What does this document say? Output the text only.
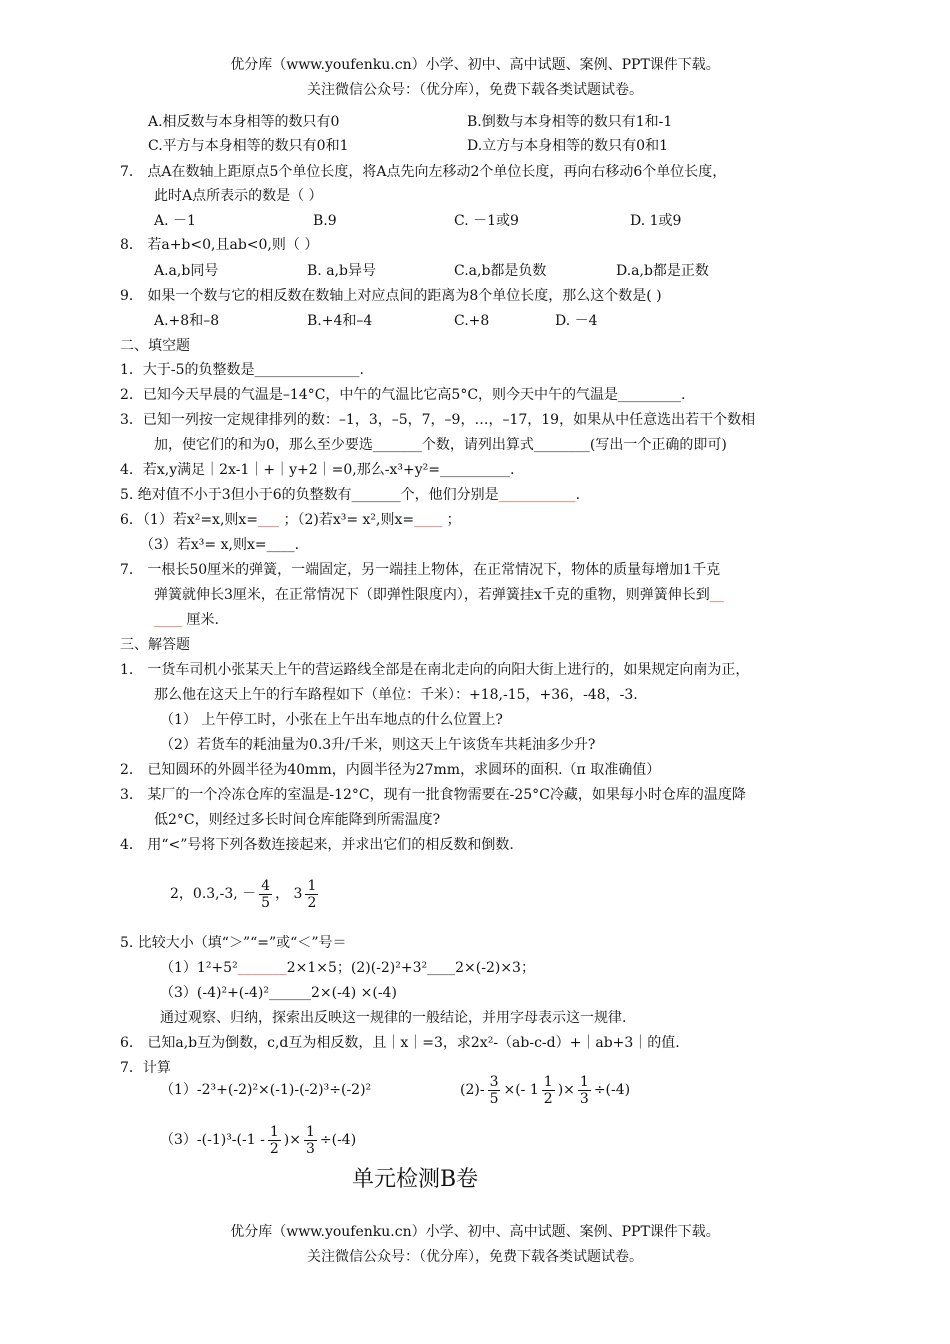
优分库（www.youfenku.cn）小学、初中、高中试题、案例、PPT课件下载。
关注微信公众号：（优分库），免费下载各类试题试卷。
A.相反数与本身相等的数只有0	B.倒数与本身相等的数只有1和-1
C.平方与本身相等的数只有0和1	D.立方与本身相等的数只有0和1
7． 点A在数轴上距原点5个单位长度，将A点先向左移动2个单位长度，再向右移动6个单位长度，
此时A点所表示的数是（ ）
A. －1	B.9	C. －1或9	D. 1或9
8． 若a+b<0,且ab<0,则（ ）
A.a,b同号	B. a,b异号	C.a,b都是负数	D.a,b都是正数
9． 如果一个数与它的相反数在数轴上对应点间的距离为8个单位长度，那么这个数是( )
A.+8和–8	B.+4和–4	C.+8	D. －4
二、填空题
1．大于-5的负整数是_______________.
2．已知今天早晨的气温是–14°C，中午的气温比它高5°C，则今天中午的气温是_________.
3．已知一列按一定规律排列的数：–1，3，–5，7，–9，…，–17，19，如果从中任意选出若干个数相
加，使它们的和为0，那么至少要选_______个数，请列出算式________(写出一个正确的即可)
4．若x,y满足｜2x-1｜+｜y+2｜=0,那么-x³+y²=__________.
5. 绝对值不小于3但小于6的负整数有_______个，他们分别是___________.
6．（1）若x²=x,则x=___ ；（2)若x³= x²,则x=____ ；
（3）若x³= x,则x=____.
7． 一根长50厘米的弹簧，一端固定，另一端挂上物体，在正常情况下，物体的质量每增加1千克
弹簧就伸长3厘米，在正常情况下（即弹性限度内），若弹簧挂x千克的重物，则弹簧伸长到__
____ 厘米.
三、解答题
1． 一货车司机小张某天上午的营运路线全部是在南北走向的向阳大街上进行的，如果规定向南为正，
那么他在这天上午的行车路程如下（单位：千米）：+18,-15，+36，-48，-3.
（1） 上午停工时，小张在上午出车地点的什么位置上?
（2）若货车的耗油量为0.3升/千米，则这天上午该货车共耗油多少升?
2． 已知圆环的外圆半径为40mm，内圆半径为27mm，求圆环的面积.（π 取准确值）
3． 某厂的一个冷冻仓库的室温是-12°C，现有一批食物需要在-25°C冷藏，如果每小时仓库的温度降
低2°C，则经过多长时间仓库能降到所需温度?
4． 用“<”号将下列各数连接起来，并求出它们的相反数和倒数.
2，0.3,-3, － $\frac{4}{5}$ ， $3 \frac{1}{2}$
5. 比较大小（填“＞”“=”或“＜”号＝
（1）1²+5²_______2×1×5；(2)(-2)²+3²____2×(-2)×3；
（3）(-4)²+(-4)²______2×(-4) ×(-4)
通过观察、归纳，探索出反映这一规律的一般结论，并用字母表示这一规律.
6． 已知a,b互为倒数，c,d互为相反数，且｜x｜=3，求2x²-（ab-c-d）+｜ab+3｜的值.
7．计算
（1）-2³+(-2)²×(-1)-(-2)³÷(-2)²	$(2)- \frac{3}{5}$ ×(- $1 \frac{1}{2}$ )× $\frac{1}{3} \div(-4)$
$(3)-(-1)^3-(-1 - \frac{1}{2}$ )× $\frac{1}{3} \div(-4)$
单元检测B卷
优分库（www.youfenku.cn）小学、初中、高中试题、案例、PPT课件下载。
关注微信公众号：（优分库），免费下载各类试题试卷。
